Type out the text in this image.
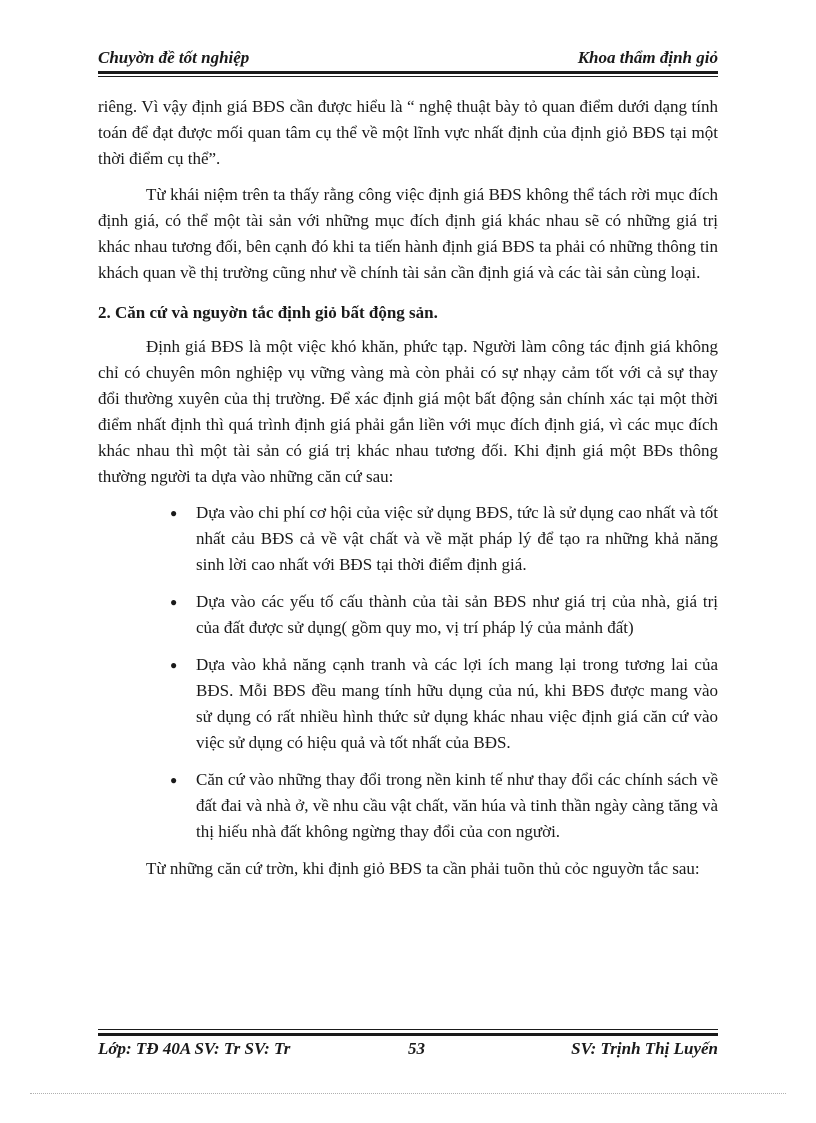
Chuyờn đề tốt nghiệp	Khoa thẩm định giỏ

riêng. Vì vậy định giá BĐS cần được hiểu là “ nghệ thuật bày tỏ quan điểm dưới dạng tính toán để đạt được mối quan tâm cụ thể về một lĩnh vực nhất định của định giỏ BĐS tại một thời điểm cụ thể”.

Từ khái niệm trên ta thấy rằng công việc định giá BĐS không thể tách rời mục đích định giá, có thể một tài sản với những mục đích định giá khác nhau sẽ có những giá trị khác nhau tương đối, bên cạnh đó khi ta tiến hành định giá BĐS ta phải có những thông tin khách quan về thị trường cũng như về chính tài sản cần định giá và các tài sản cùng loại.

2. Căn cứ và nguyờn tắc định giỏ bất động sản.

Định giá BĐS là một việc khó khăn, phức tạp. Người làm công tác định giá không chỉ có chuyên môn nghiệp vụ vững vàng mà còn phải có sự nhạy cảm tốt với cả sự thay đổi thường xuyên của thị trường. Để xác định giá một bất động sản chính xác tại một thời điểm nhất định thì quá trình định giá phải gắn liền với mục đích định giá, vì các mục đích khác nhau thì một tài sản có giá trị khác nhau tương đối. Khi định giá một BĐs thông thường người ta dựa vào những căn cứ sau:

● Dựa vào chi phí cơ hội của việc sử dụng BĐS, tức là sử dụng cao nhất và tốt nhất cảu BĐS cả về vật chất và về mặt pháp lý để tạo ra những khả năng sinh lời cao nhất với BĐS tại thời điểm định giá.
● Dựa vào các yếu tố cấu thành của tài sản BĐS như giá trị của nhà, giá trị của đất được sử dụng( gồm quy mo, vị trí pháp lý của mảnh đất)
● Dựa vào khả năng cạnh tranh và các lợi ích mang lại trong tương lai của BĐS. Mỗi BĐS đều mang tính hữu dụng của nú, khi BĐS được mang vào sử dụng có rất nhiều hình thức sử dụng khác nhau việc định giá căn cứ vào việc sử dụng có hiệu quả và tốt nhất của BĐS.
● Căn cứ vào những thay đổi trong nền kinh tế như thay đổi các chính sách về đất đai và nhà ở, về nhu cầu vật chất, văn húa và tinh thần ngày càng tăng và thị hiếu nhà đất không ngừng thay đổi của con người.

Từ những căn cứ trờn, khi định giỏ BĐS ta cần phải tuõn thủ cỏc nguyờn tắc sau:

Lớp: TĐ 40A SV: Tr SV: Tr	53	SV: Trịnh Thị Luyến
